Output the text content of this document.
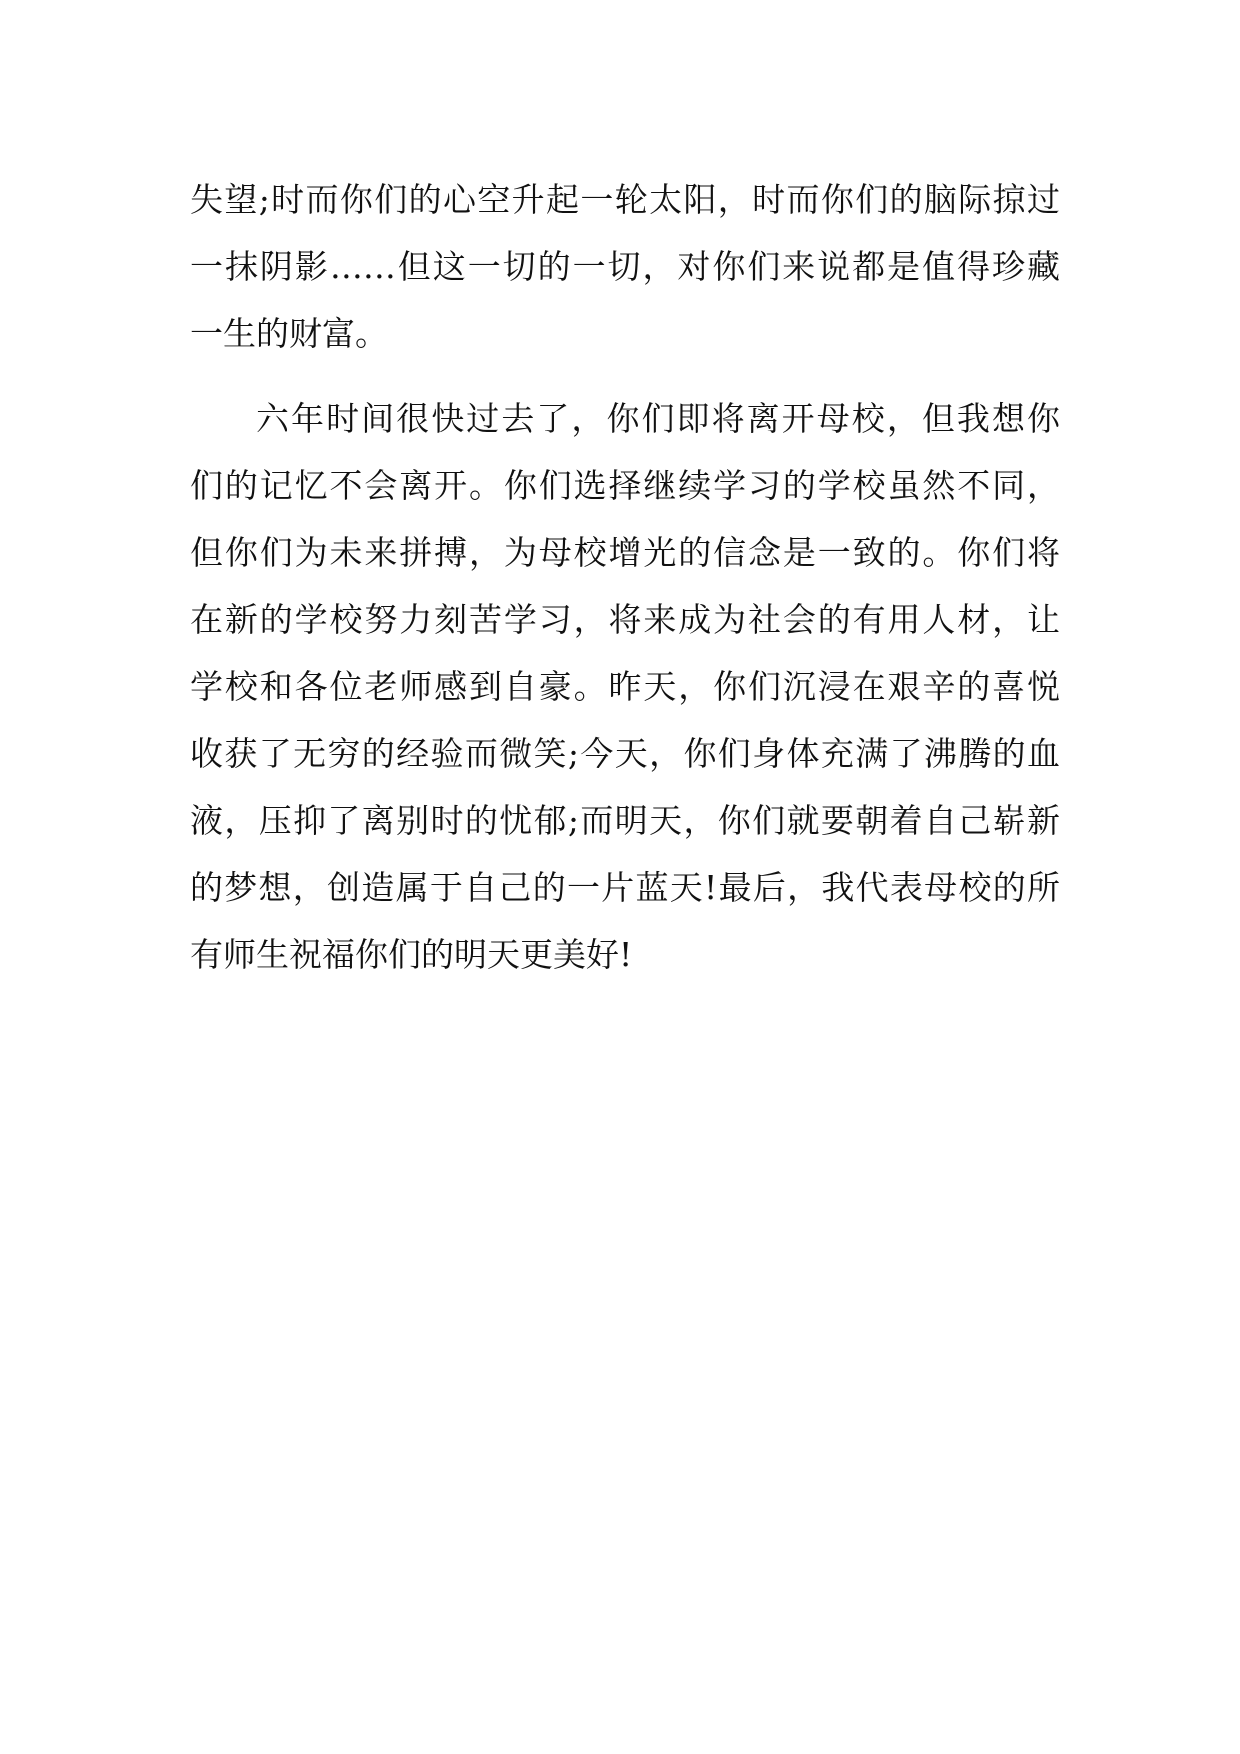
失望;时而你们的心空升起一轮太阳，时而你们的脑际掠过
一抹阴影……但这一切的一切，对你们来说都是值得珍藏
一生的财富。

六年时间很快过去了，你们即将离开母校，但我想你
们的记忆不会离开。你们选择继续学习的学校虽然不同，
但你们为未来拼搏，为母校增光的信念是一致的。你们将
在新的学校努力刻苦学习，将来成为社会的有用人材，让
学校和各位老师感到自豪。昨天，你们沉浸在艰辛的喜悦
收获了无穷的经验而微笑;今天，你们身体充满了沸腾的血
液，压抑了离别时的忧郁;而明天，你们就要朝着自己崭新
的梦想，创造属于自己的一片蓝天!最后，我代表母校的所
有师生祝福你们的明天更美好!
